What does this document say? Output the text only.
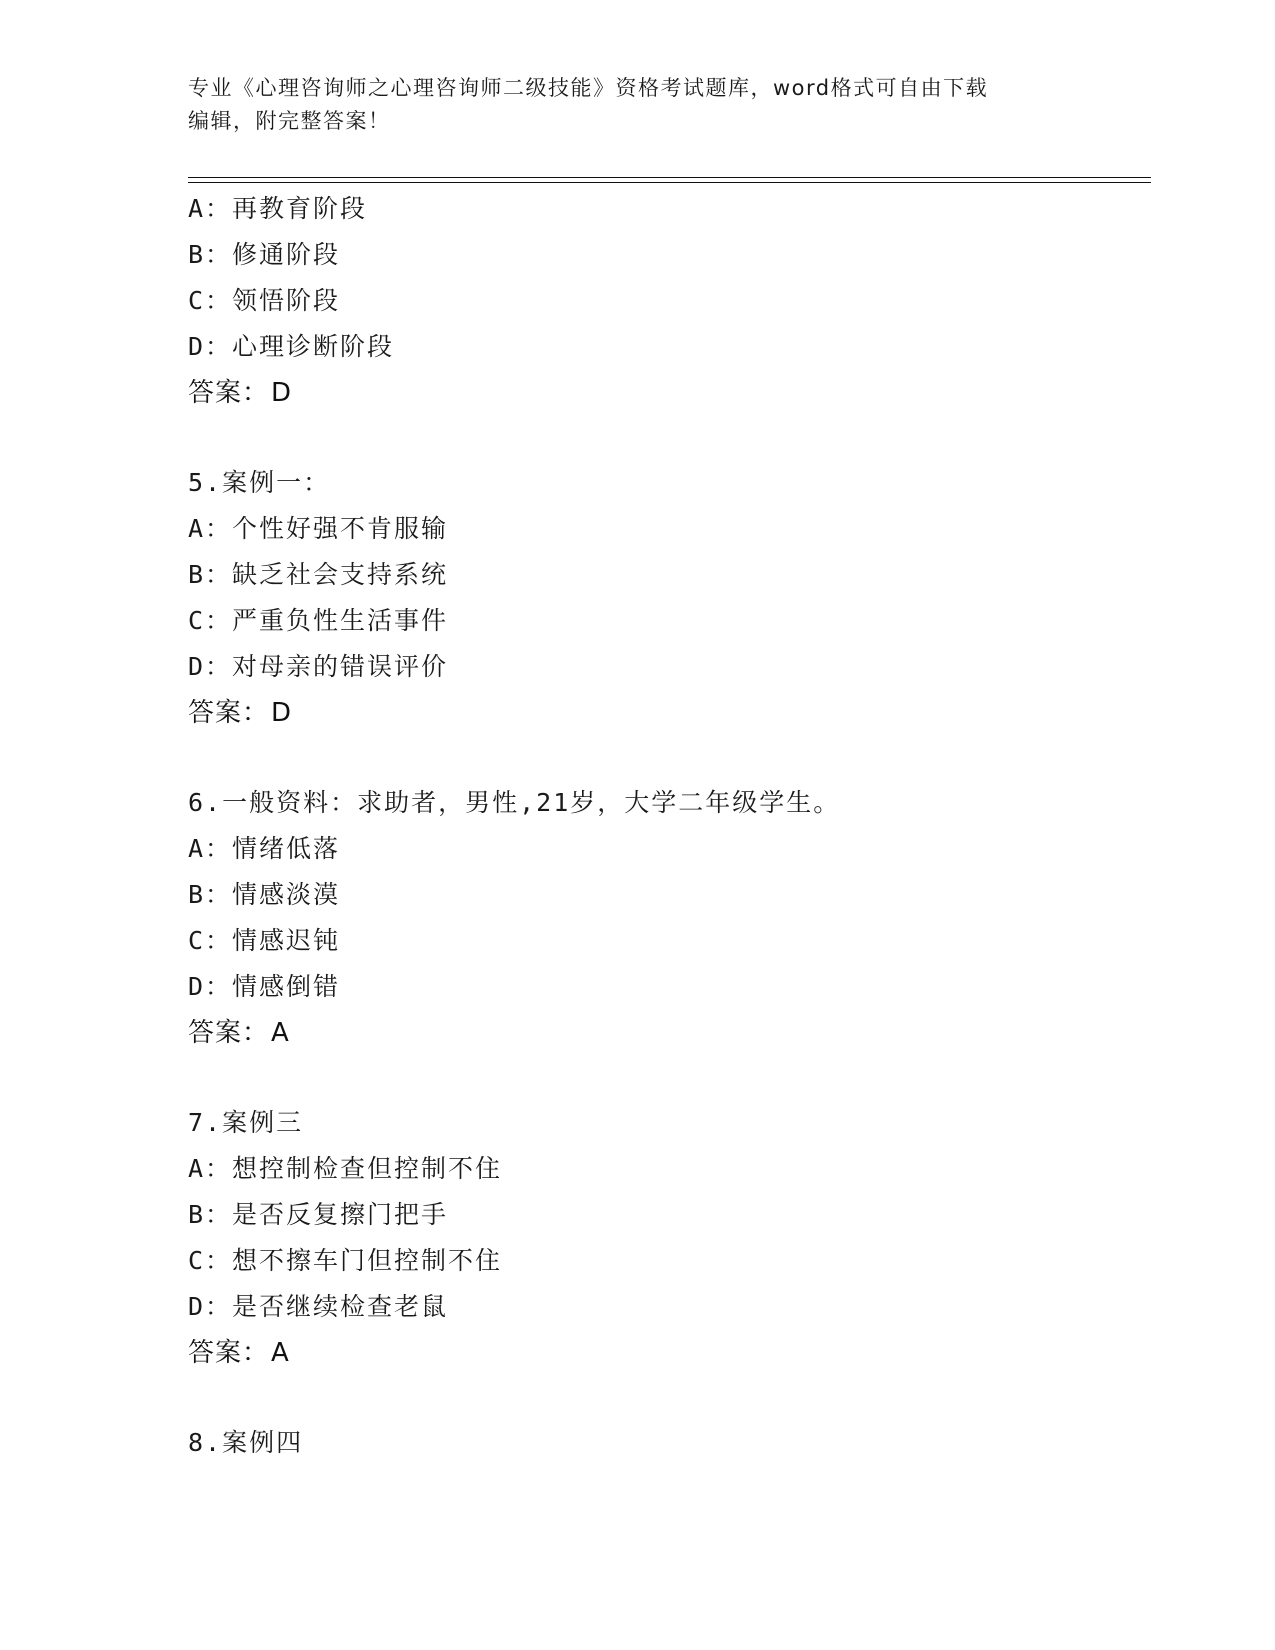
专业《心理咨询师之心理咨询师二级技能》资格考试题库，word格式可自由下载
编辑，附完整答案！
A：再教育阶段
B：修通阶段
C：领悟阶段
D：心理诊断阶段
答案：D
5.案例一：
A：个性好强不肯服输
B：缺乏社会支持系统
C：严重负性生活事件
D：对母亲的错误评价
答案：D
6.一般资料：求助者，男性,21岁，大学二年级学生。
A：情绪低落
B：情感淡漠
C：情感迟钝
D：情感倒错
答案：A
7.案例三
A：想控制检查但控制不住
B：是否反复擦门把手
C：想不擦车门但控制不住
D：是否继续检查老鼠
答案：A
8.案例四
